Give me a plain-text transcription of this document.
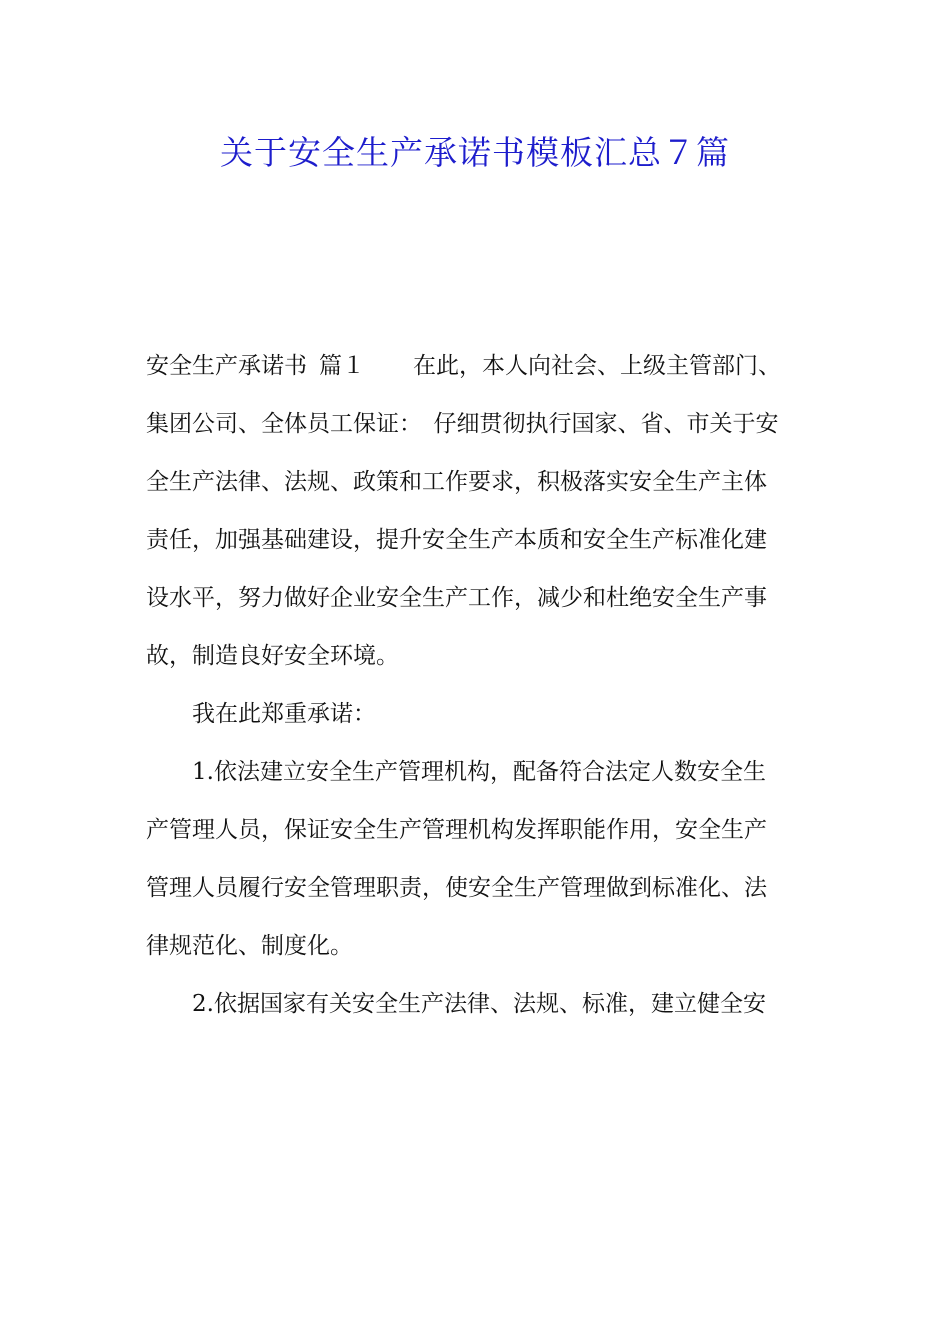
关于安全生产承诺书模板汇总７篇
安全生产承诺书 篇１ 在此，本人向社会、上级主管部门、
集团公司、全体员工保证：　仔细贯彻执行国家、省、市关于安
全生产法律、法规、政策和工作要求，积极落实安全生产主体
责任，加强基础建设，提升安全生产本质和安全生产标准化建
设水平，努力做好企业安全生产工作，减少和杜绝安全生产事
故，制造良好安全环境。
我在此郑重承诺：
1.依法建立安全生产管理机构，配备符合法定人数安全生
产管理人员，保证安全生产管理机构发挥职能作用，安全生产
管理人员履行安全管理职责，使安全生产管理做到标准化、法
律规范化、制度化。
2.依据国家有关安全生产法律、法规、标准，建立健全安
